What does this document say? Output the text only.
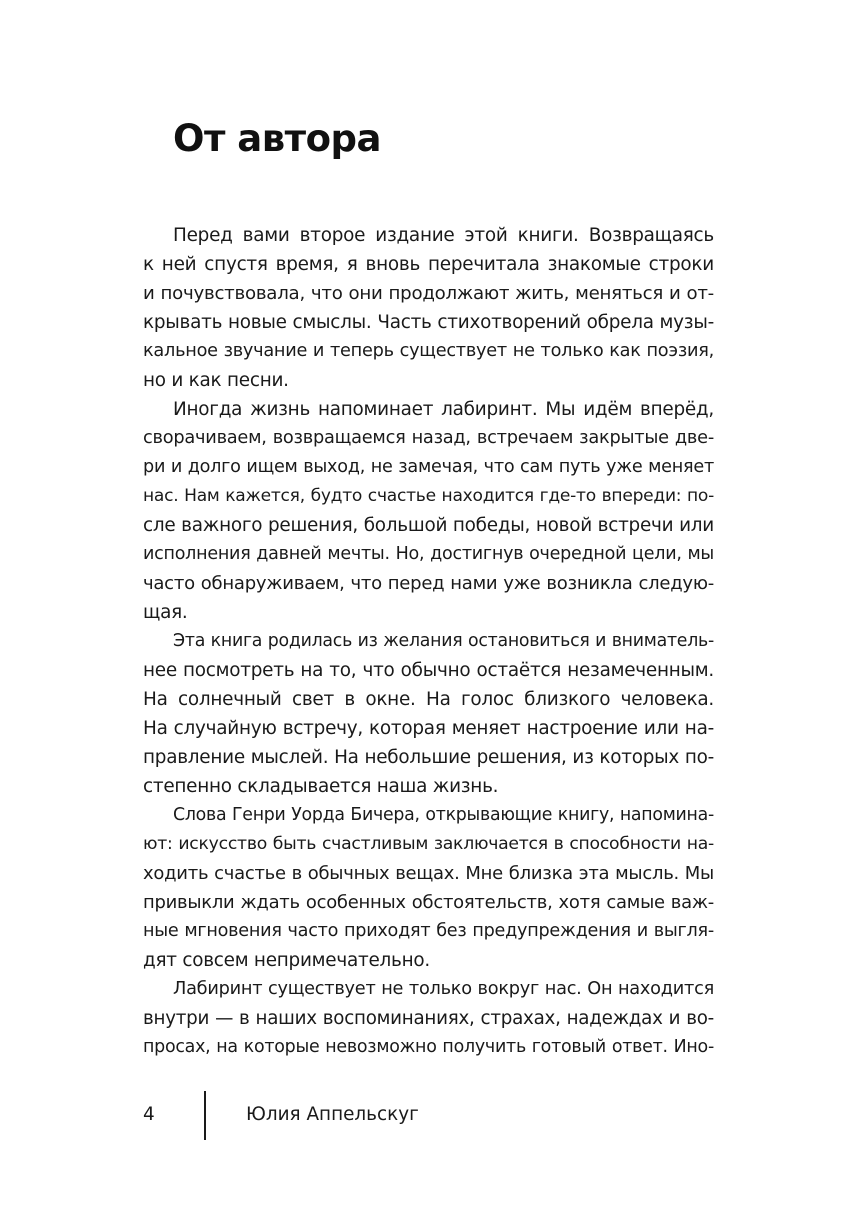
От автора

Перед вами второе издание этой книги. Возвращаясь
к ней спустя время, я вновь перечитала знакомые строки
и почувствовала, что они продолжают жить, меняться и от-
крывать новые смыслы. Часть стихотворений обрела музы-
кальное звучание и теперь существует не только как поэзия,
но и как песни.

Иногда жизнь напоминает лабиринт. Мы идём вперёд,
сворачиваем, возвращаемся назад, встречаем закрытые две-
ри и долго ищем выход, не замечая, что сам путь уже меняет
нас. Нам кажется, будто счастье находится где-то впереди: по-
сле важного решения, большой победы, новой встречи или
исполнения давней мечты. Но, достигнув очередной цели, мы
часто обнаруживаем, что перед нами уже возникла следую-
щая.

Эта книга родилась из желания остановиться и вниматель-
нее посмотреть на то, что обычно остаётся незамеченным.
На солнечный свет в окне. На голос близкого человека.
На случайную встречу, которая меняет настроение или на-
правление мыслей. На небольшие решения, из которых по-
степенно складывается наша жизнь.

Слова Генри Уорда Бичера, открывающие книгу, напомина-
ют: искусство быть счастливым заключается в способности на-
ходить счастье в обычных вещах. Мне близка эта мысль. Мы
привыкли ждать особенных обстоятельств, хотя самые важ-
ные мгновения часто приходят без предупреждения и выгля-
дят совсем непримечательно.

Лабиринт существует не только вокруг нас. Он находится
внутри — в наших воспоминаниях, страхах, надеждах и во-
просах, на которые невозможно получить готовый ответ. Ино-

4	Юлия Аппельскуг
